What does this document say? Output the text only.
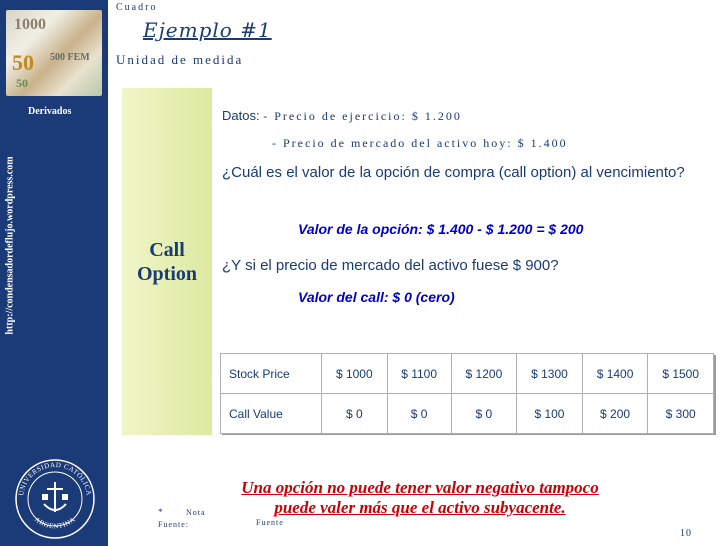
1000
50 500 FEM
50
Derivados
http://condensadordeflujo.wordpress.com
UNIVERSIDAD CATÓLICA
ARGENTINA
Cuadro
Ejemplo #1
Unidad de medida
Call
Option
Datos: - Precio de ejercicio: $ 1.200
- Precio de mercado del activo hoy: $ 1.400
¿Cuál es el valor de la opción de compra (call option) al vencimiento?
Valor de la opción: $ 1.400 - $ 1.200 = $ 200
¿Y si el precio de mercado del activo fuese $ 900?
Valor del call: $ 0 (cero)
Stock Price	$ 1000	$ 1100	$ 1200	$ 1300	$ 1400	$ 1500
Call Value	$ 0	$ 0	$ 0	$ 100	$ 200	$ 300
Una opción no puede tener valor negativo tampoco
puede valer más que el activo subyacente.
*	Nota
Fuente:	Fuente
10
